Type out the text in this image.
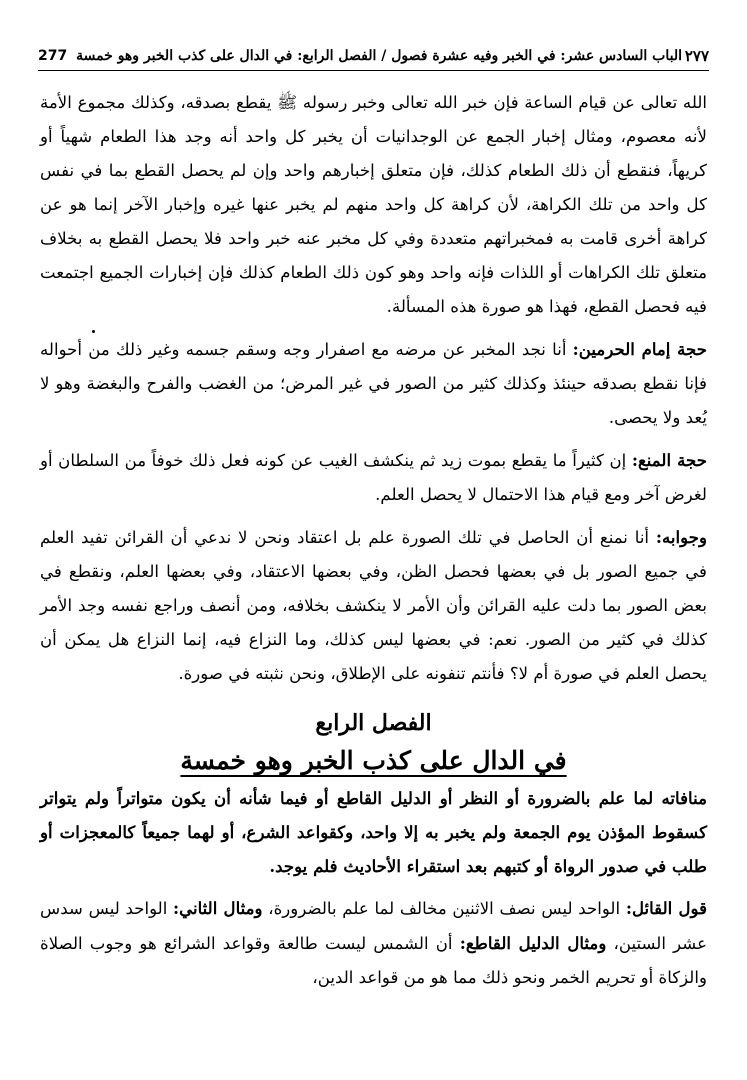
277 الباب السادس عشر: في الخبر وفيه عشرة فصول / الفصل الرابع: في الدال على كذب الخبر وهو خمسة ٢٧٧

الله تعالى عن قيام الساعة فإن خبر الله تعالى وخبر رسوله ﷺ يقطع بصدقه، وكذلك مجموع الأمة لأنه معصوم، ومثال إخبار الجمع عن الوجدانيات أن يخبر كل واحد أنه وجد هذا الطعام شهياً أو كريهاً، فنقطع أن ذلك الطعام كذلك، فإن متعلق إخبارهم واحد وإن لم يحصل القطع بما في نفس كل واحد من تلك الكراهة، لأن كراهة كل واحد منهم لم يخبر عنها غيره وإخبار الآخر إنما هو عن كراهة أخرى قامت به فمخبراتهم متعددة وفي كل مخبر عنه خبر واحد فلا يحصل القطع به بخلاف متعلق تلك الكراهات أو اللذات فإنه واحد وهو كون ذلك الطعام كذلك فإن إخبارات الجميع اجتمعت فيه فحصل القطع، فهذا هو صورة هذه المسألة.

حجة إمام الحرمين: أنا نجد المخبر عن مرضه مع اصفرار وجه وسقم جسمه وغير ذلك من أحواله فإنا نقطع بصدقه حينئذ وكذلك كثير من الصور في غير المرض؛ من الغضب والفرح والبغضة وهو لا يُعد ولا يحصى.

حجة المنع: إن كثيراً ما يقطع بموت زيد ثم ينكشف الغيب عن كونه فعل ذلك خوفاً من السلطان أو لغرض آخر ومع قيام هذا الاحتمال لا يحصل العلم.

وجوابه: أنا نمنع أن الحاصل في تلك الصورة علم بل اعتقاد ونحن لا ندعي أن القرائن تفيد العلم في جميع الصور بل في بعضها فحصل الظن، وفي بعضها الاعتقاد، وفي بعضها العلم، ونقطع في بعض الصور بما دلت عليه القرائن وأن الأمر لا ينكشف بخلافه، ومن أنصف وراجع نفسه وجد الأمر كذلك في كثير من الصور. نعم: في بعضها ليس كذلك، وما النزاع فيه، إنما النزاع هل يمكن أن يحصل العلم في صورة أم لا؟ فأنتم تنفونه على الإطلاق، ونحن نثبته في صورة.

الفصل الرابع
في الدال على كذب الخبر وهو خمسة

منافاته لما علم بالضرورة أو النظر أو الدليل القاطع أو فيما شأنه أن يكون متواتراً ولم يتواتر كسقوط المؤذن يوم الجمعة ولم يخبر به إلا واحد، وكقواعد الشرع، أو لهما جميعاً كالمعجزات أو طلب في صدور الرواة أو كتبهم بعد استقراء الأحاديث فلم يوجد.

قول القائل: الواحد ليس نصف الاثنين مخالف لما علم بالضرورة، ومثال الثاني: الواحد ليس سدس عشر الستين، ومثال الدليل القاطع: أن الشمس ليست طالعة وقواعد الشرائع هو وجوب الصلاة والزكاة أو تحريم الخمر ونحو ذلك مما هو من قواعد الدين،
